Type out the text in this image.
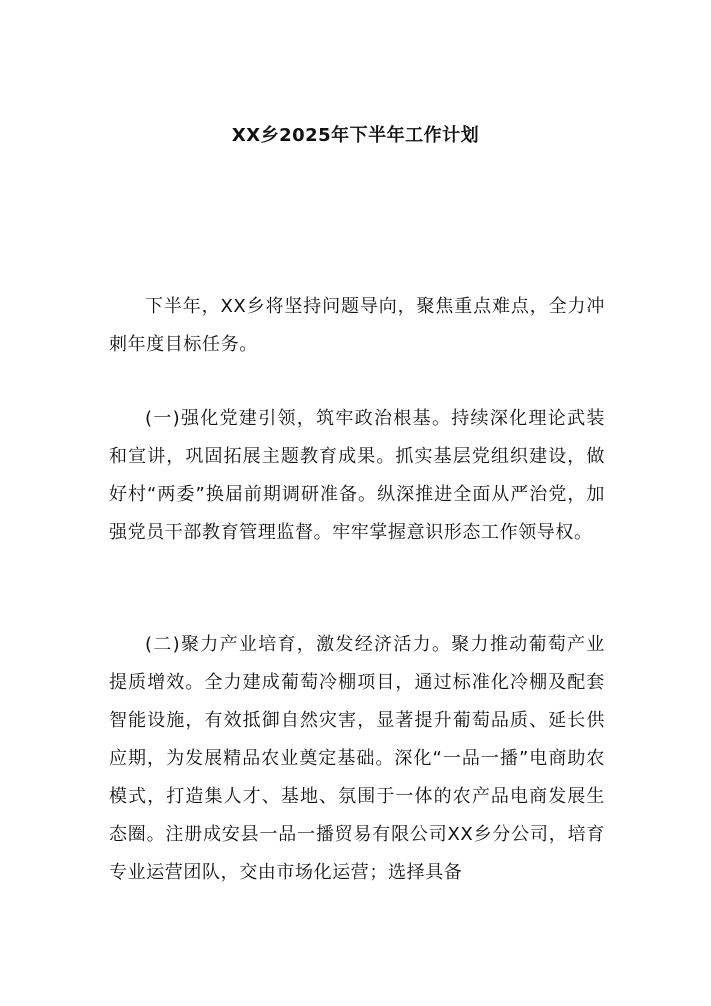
XX乡2025年下半年工作计划

下半年，XX乡将坚持问题导向，聚焦重点难点，全力冲刺年度目标任务。

(一)强化党建引领，筑牢政治根基。持续深化理论武装和宣讲，巩固拓展主题教育成果。抓实基层党组织建设，做好村“两委”换届前期调研准备。纵深推进全面从严治党，加强党员干部教育管理监督。牢牢掌握意识形态工作领导权。

(二)聚力产业培育，激发经济活力。聚力推动葡萄产业提质增效。全力建成葡萄冷棚项目，通过标准化冷棚及配套智能设施，有效抵御自然灾害，显著提升葡萄品质、延长供应期，为发展精品农业奠定基础。深化“一品一播”电商助农模式，打造集人才、基地、氛围于一体的农产品电商发展生态圈。注册成安县一品一播贸易有限公司XX乡分公司，培育专业运营团队，交由市场化运营；选择具备
